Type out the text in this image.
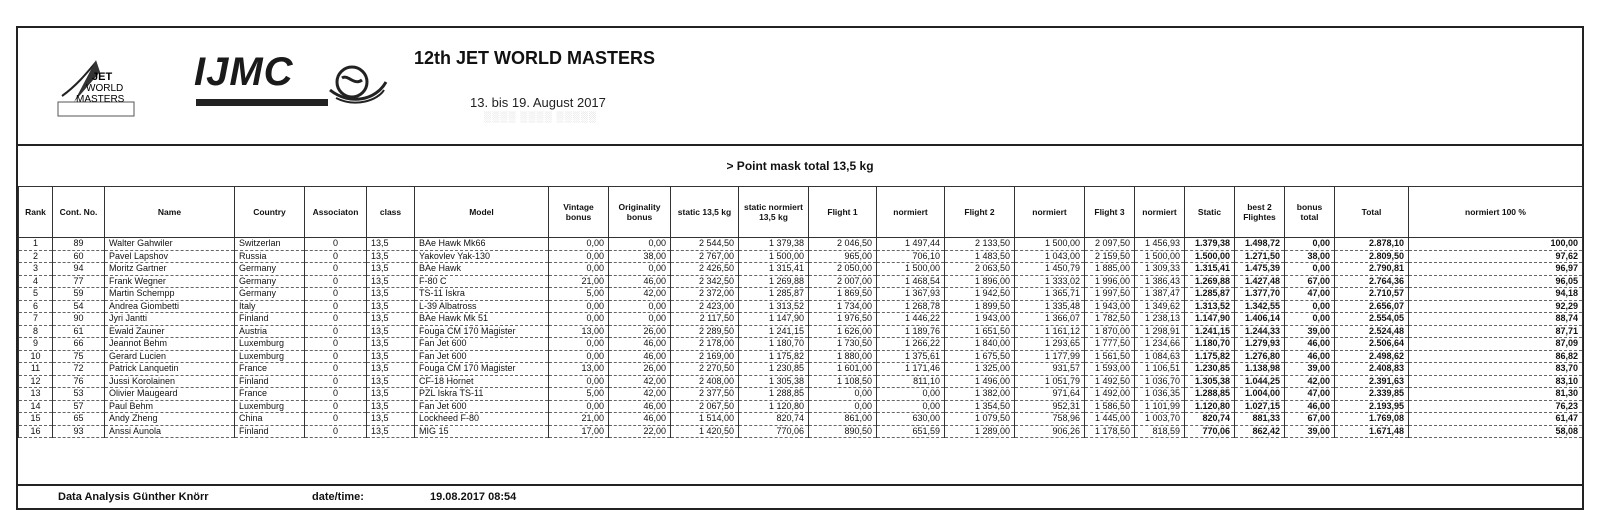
JET
WORLD
MASTERS
IJMC	12th JET WORLD MASTERS
13. bis 19. August 2017
░░░░ ░░░░ ░░░░░
> Point mask total 13,5 kg
Rank	Cont. No.	Name	Country	Associaton	class	Model	Vintage bonus	Originality bonus	static 13,5 kg	static normiert 13,5 kg	Flight 1	normiert	Flight 2	normiert	Flight 3	normiert	Static	best 2 Flightes	bonus total	Total	normiert 100 %
1	89	Walter Gahwiler	Switzerlan	0	13,5	BAe Hawk Mk66	0,00	0,00	2 544,50	1 379,38	2 046,50	1 497,44	2 133,50	1 500,00	2 097,50	1 456,93	1.379,38	1.498,72	0,00	2.878,10	100,00
2	60	Pavel Lapshov	Russia	0	13,5	Yakovlev Yak-130	0,00	38,00	2 767,00	1 500,00	965,00	706,10	1 483,50	1 043,00	2 159,50	1 500,00	1.500,00	1.271,50	38,00	2.809,50	97,62
3	94	Moritz Gartner	Germany	0	13,5	BAe Hawk	0,00	0,00	2 426,50	1 315,41	2 050,00	1 500,00	2 063,50	1 450,79	1 885,00	1 309,33	1.315,41	1.475,39	0,00	2.790,81	96,97
4	77	Frank Wegner	Germany	0	13,5	F-80 C	21,00	46,00	2 342,50	1 269,88	2 007,00	1 468,54	1 896,00	1 333,02	1 996,00	1 386,43	1.269,88	1.427,48	67,00	2.764,36	96,05
5	59	Martin Schempp	Germany	0	13,5	TS-11 Iskra	5,00	42,00	2 372,00	1 285,87	1 869,50	1 367,93	1 942,50	1 365,71	1 997,50	1 387,47	1.285,87	1.377,70	47,00	2.710,57	94,18
6	54	Andrea Giombetti	Italy	0	13,5	L-39 Albatross	0,00	0,00	2 423,00	1 313,52	1 734,00	1 268,78	1 899,50	1 335,48	1 943,00	1 349,62	1.313,52	1.342,55	0,00	2.656,07	92,29
7	90	Jyri Jantti	Finland	0	13,5	BAe Hawk Mk 51	0,00	0,00	2 117,50	1 147,90	1 976,50	1 446,22	1 943,00	1 366,07	1 782,50	1 238,13	1.147,90	1.406,14	0,00	2.554,05	88,74
8	61	Ewald Zauner	Austria	0	13,5	Fouga CM 170 Magister	13,00	26,00	2 289,50	1 241,15	1 626,00	1 189,76	1 651,50	1 161,12	1 870,00	1 298,91	1.241,15	1.244,33	39,00	2.524,48	87,71
9	66	Jeannot Behm	Luxemburg	0	13,5	Fan Jet 600	0,00	46,00	2 178,00	1 180,70	1 730,50	1 266,22	1 840,00	1 293,65	1 777,50	1 234,66	1.180,70	1.279,93	46,00	2.506,64	87,09
10	75	Gerard Lucien	Luxemburg	0	13,5	Fan Jet 600	0,00	46,00	2 169,00	1 175,82	1 880,00	1 375,61	1 675,50	1 177,99	1 561,50	1 084,63	1.175,82	1.276,80	46,00	2.498,62	86,82
11	72	Patrick Lanquetin	France	0	13,5	Fouga CM 170 Magister	13,00	26,00	2 270,50	1 230,85	1 601,00	1 171,46	1 325,00	931,57	1 593,00	1 106,51	1.230,85	1.138,98	39,00	2.408,83	83,70
12	76	Jussi Korolainen	Finland	0	13,5	CF-18 Hornet	0,00	42,00	2 408,00	1 305,38	1 108,50	811,10	1 496,00	1 051,79	1 492,50	1 036,70	1.305,38	1.044,25	42,00	2.391,63	83,10
13	53	Olivier Maugeard	France	0	13,5	PZL Iskra TS-11	5,00	42,00	2 377,50	1 288,85	0,00	0,00	1 382,00	971,64	1 492,00	1 036,35	1.288,85	1.004,00	47,00	2.339,85	81,30
14	57	Paul Behm	Luxemburg	0	13,5	Fan Jet 600	0,00	46,00	2 067,50	1 120,80	0,00	0,00	1 354,50	952,31	1 586,50	1 101,99	1.120,80	1.027,15	46,00	2.193,95	76,23
15	65	Andy Zheng	China	0	13,5	Lockheed F-80	21,00	46,00	1 514,00	820,74	861,00	630,00	1 079,50	758,96	1 445,00	1 003,70	820,74	881,33	67,00	1.769,08	61,47
16	93	Anssi Aunola	Finland	0	13,5	MIG 15	17,00	22,00	1 420,50	770,06	890,50	651,59	1 289,00	906,26	1 178,50	818,59	770,06	862,42	39,00	1.671,48	58,08
Data Analysis Günther Knörr	date/time:	19.08.2017 08:54
